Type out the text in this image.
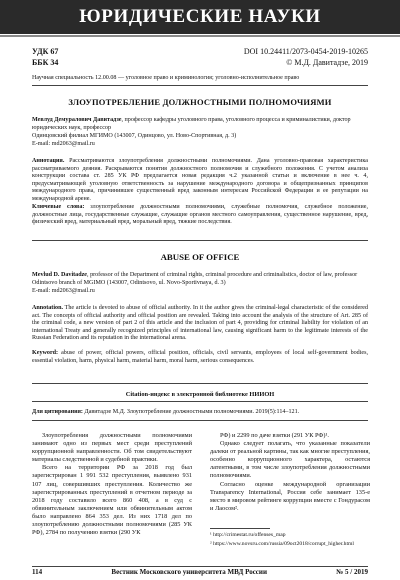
ЮРИДИЧЕСКИЕ НАУКИ
УДК 67
ББК 34
DOI 10.24411/2073-0454-2019-10265
© М.Д. Давитадзе, 2019
Научная специальность 12.00.08 — уголовное право и криминология; уголовно-исполнительное право
ЗЛОУПОТРЕБЛЕНИЕ ДОЛЖНОСТНЫМИ ПОЛНОМОЧИЯМИ
Мевлуд Демуралович Давитадзе, профессор кафедры уголовного права, уголовного процесса и криминалистики, доктор юридических наук, профессор
Одинцовский филиал МГИМО (143007, Одинцово, ул. Ново-Спортивная, д. 3)
E-mail: md2063@mail.ru
Аннотация. Рассматриваются злоупотребления должностными полномочиями. Дана уголовно-правовая характеристика рассматриваемого деяния. Раскрываются понятия должностного полномочия и служебного положения. С учетом анализа конструкции состава ст. 285 УК РФ предлагается новая редакция ч.2 указанной статьи и включение в нее ч. 4, предусматривающей уголовную ответственность за нарушение международного договора и общепризнанных принципов международного права, причинившее существенный вред законным интересам Российской Федерации и ее репутации на международной арене.
Ключевые слова: злоупотребление должностными полномочиями, служебные полномочия, служебное положение, должностные лица, государственные служащие, служащие органов местного самоуправления, существенное нарушение, вред, физический вред, материальный вред, моральный вред, тяжкие последствия.
ABUSE OF OFFICE
Mevlud D. Davitadze, professor of the Department of criminal rights, criminal procedure and criminalistics, doctor of law, professor
Odintsovo branch of MGIMO (143007, Odintsovo, ul. Novo-Sportivnaya, d. 3)
E-mail: md2063@mail.ru
Annotation. The article is devoted to abuse of official authority. In it the author gives the criminal-legal characteristic of the considered act. The concepts of official authority and official position are revealed. Taking into account the analysis of the structure of Art. 285 of the criminal code, a new version of part 2 of this article and the inclusion of part 4, providing for criminal liability for violation of an international Treaty and generally recognized principles of international law, causing significant harm to the legitimate interests of the Russian Federation and its reputation in the international arena.
Keyword: abuse of power, official powers, official position, officials, civil servants, employees of local self-government bodies, essential violation, harm, physical harm, material harm, moral harm, serious consequences.
Citation-индекс в электронной библиотеке НИИОН
Для цитирования: Давитадзе М.Д. Злоупотребление должностными полномочиями. 2019(5):114–121.

Злоупотребления должностными полномочиями занимают одно из первых мест среди преступлений коррупционной направленности. Об том свидетельствуют материалы следственной и судебной практики.

Всего на территории РФ за 2018 год был зарегистрирован 1 991 532 преступления, выявлено 931 107 лиц, совершивших преступления. Количество же зарегистрированных преступлений в отчетном периоде за 2018 году составило всего 860 408, а в суд с обвинительным заключением или обвинительным актом было направлено 864 353 дел. Из них 1718 дел по злоупотреблению должностными полномочиями (285 УК РФ), 2784 по получению взятки (290 УК

РФ) и 2299 по даче взятки (291 УК РФ)¹.

Однако следует полагать, что указанные показатели далеки от реальной картины, так как многие преступления, особенно коррупционного характера, остаются латентными, в том числе злоупотребления должностными полномочиями.

Согласно оценке международной организации Transparency International, Россия себе занимает 135-е место в мировом рейтинге коррупции вместе с Гондурасом и Лаосом².

¹ http://crimestat.ru/offenses_map
² https://www.novsru.com/russia/09oct2018/corrupt_higher.html
114	Вестник Московского университета МВД России	№ 5 / 2019
